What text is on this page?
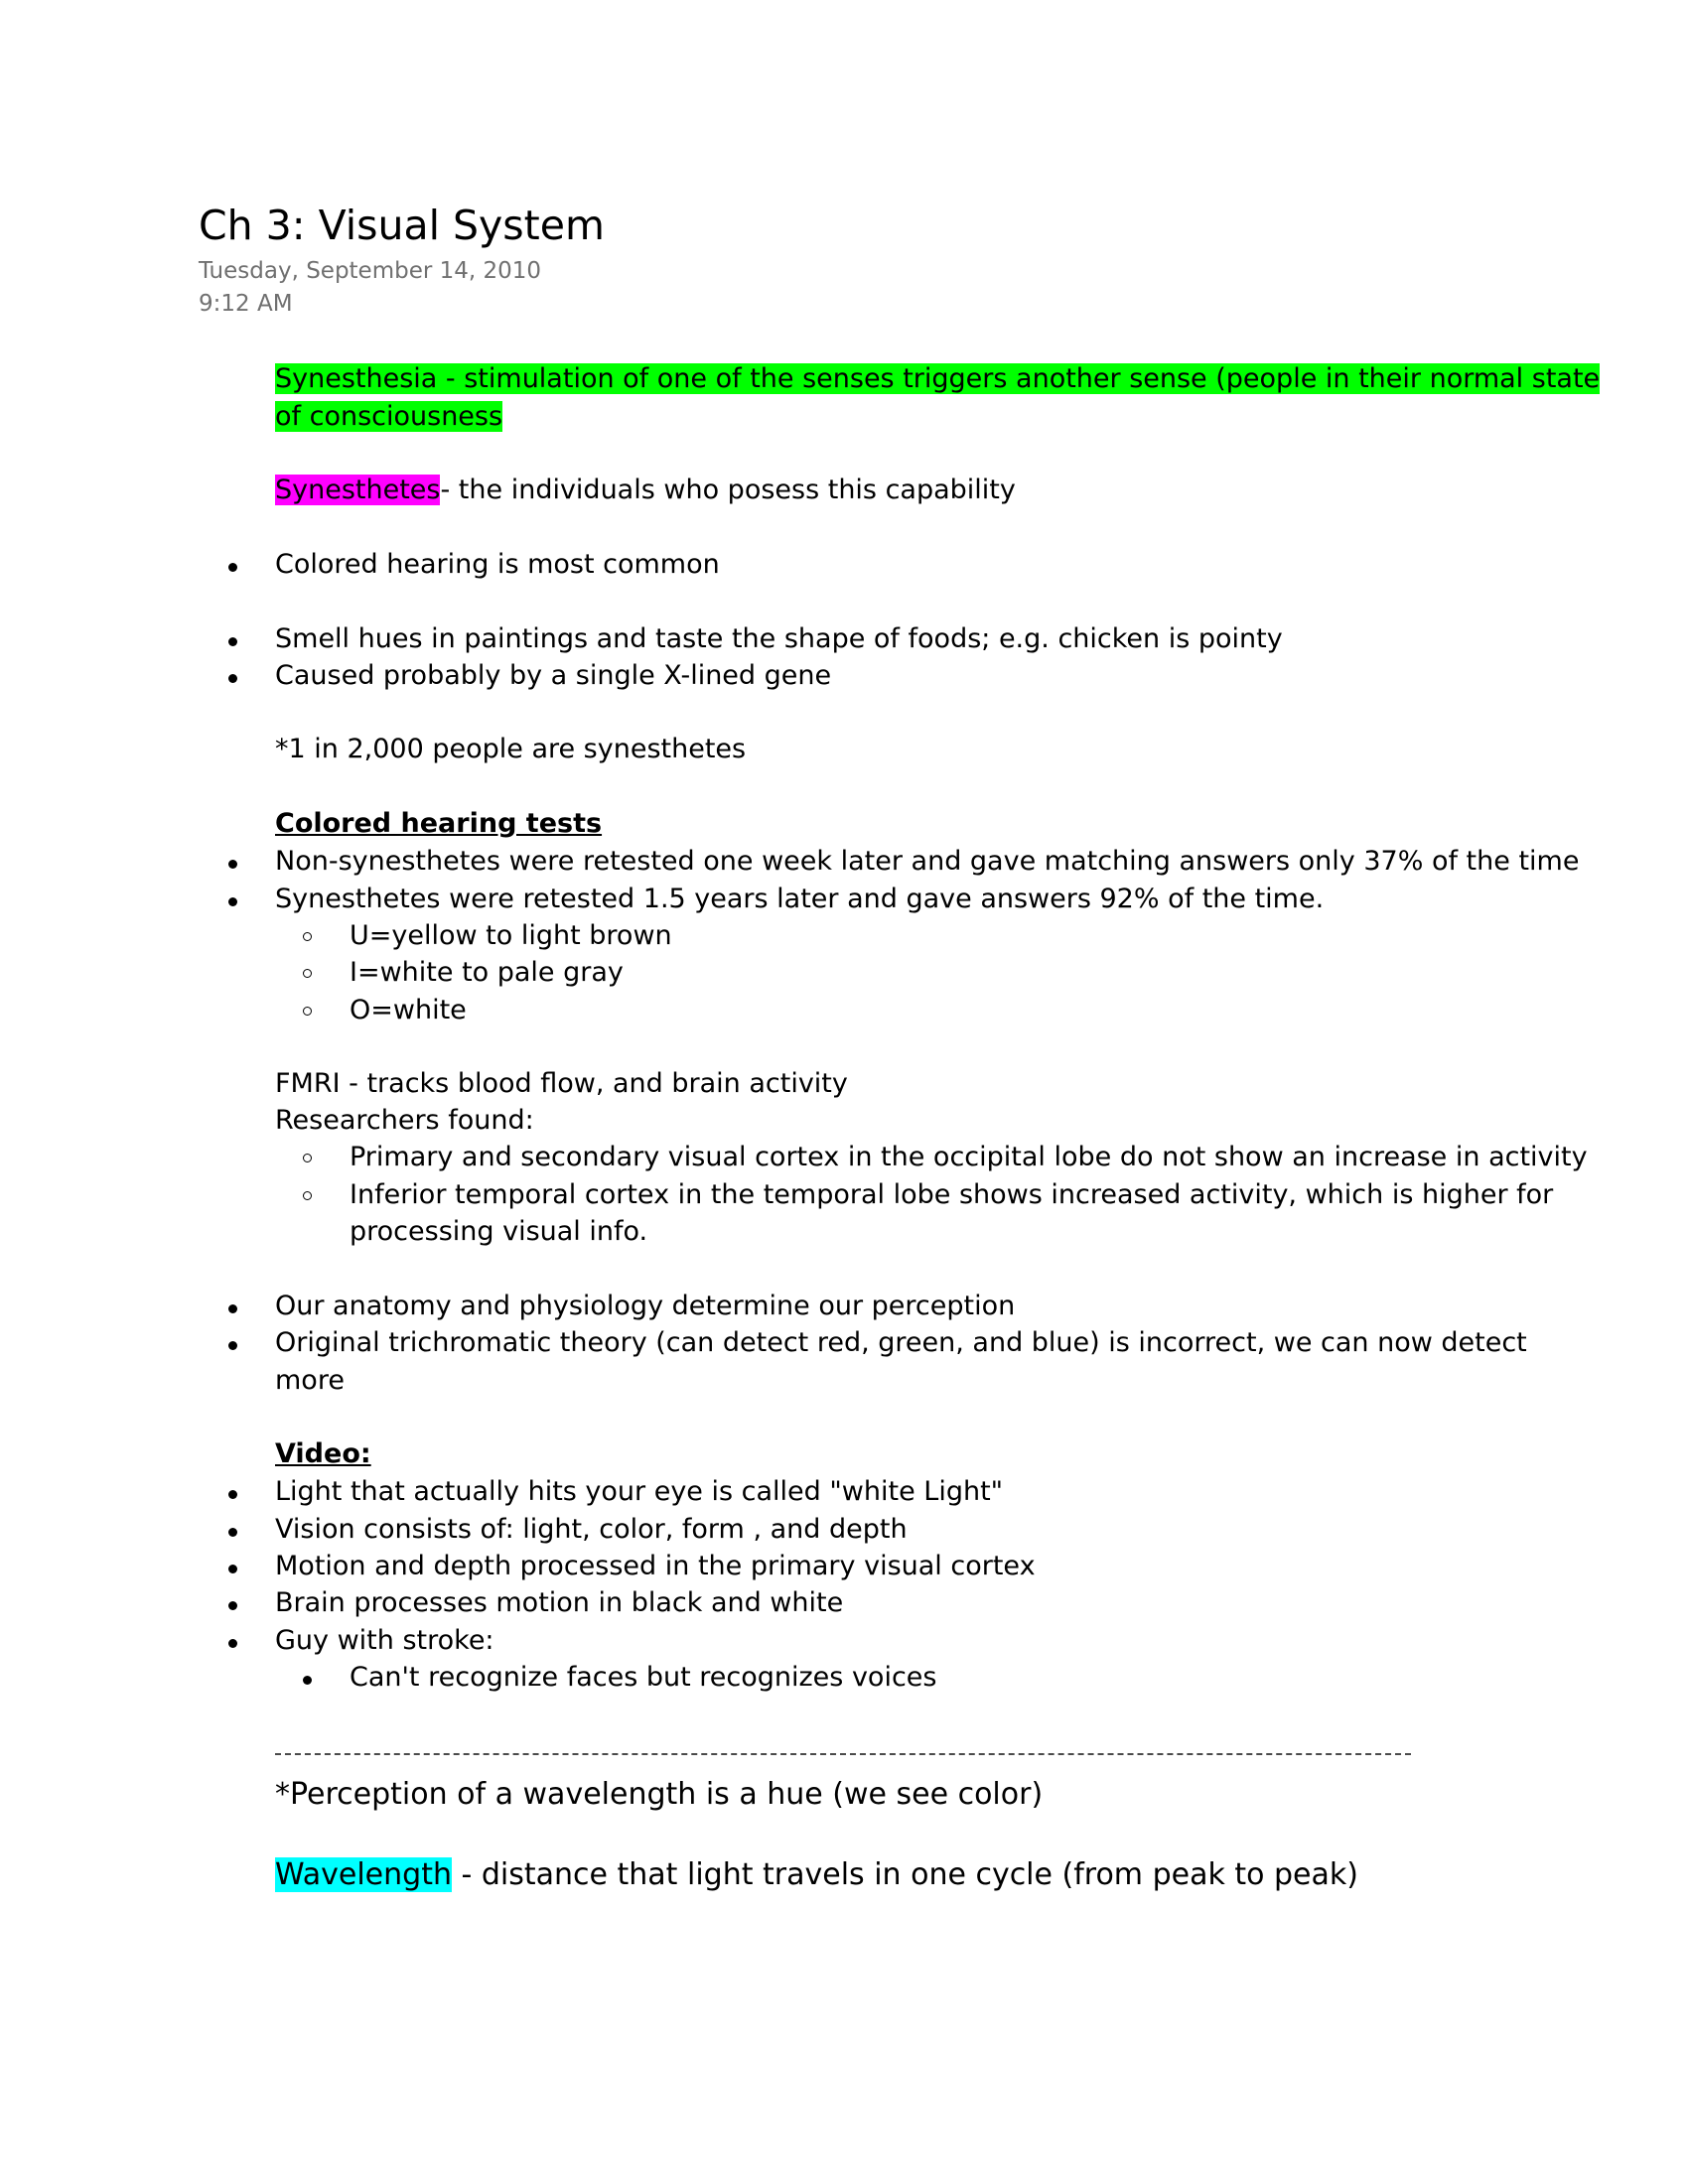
Ch 3: Visual System
Tuesday, September 14, 2010
9:12 AM
Synesthesia - stimulation of one of the senses triggers another sense (people in their normal state
of consciousness
Synesthetes- the individuals who posess this capability
Colored hearing is most common
Smell hues in paintings and taste the shape of foods; e.g. chicken is pointy
Caused probably by a single X-lined gene
*1 in 2,000 people are synesthetes
Colored hearing tests
Non-synesthetes were retested one week later and gave matching answers only 37% of the time
Synesthetes were retested 1.5 years later and gave answers 92% of the time.
U=yellow to light brown
I=white to pale gray
O=white
FMRI - tracks blood flow, and brain activity
Researchers found:
Primary and secondary visual cortex in the occipital lobe do not show an increase in activity
Inferior temporal cortex in the temporal lobe shows increased activity, which is higher for
processing visual info.
Our anatomy and physiology determine our perception
Original trichromatic theory (can detect red, green, and blue) is incorrect, we can now detect
more
Video:
Light that actually hits your eye is called "white Light"
Vision consists of: light, color, form , and depth
Motion and depth processed in the primary visual cortex
Brain processes motion in black and white
Guy with stroke:
Can't recognize faces but recognizes voices
*Perception of a wavelength is a hue (we see color)
Wavelength - distance that light travels in one cycle (from peak to peak)
